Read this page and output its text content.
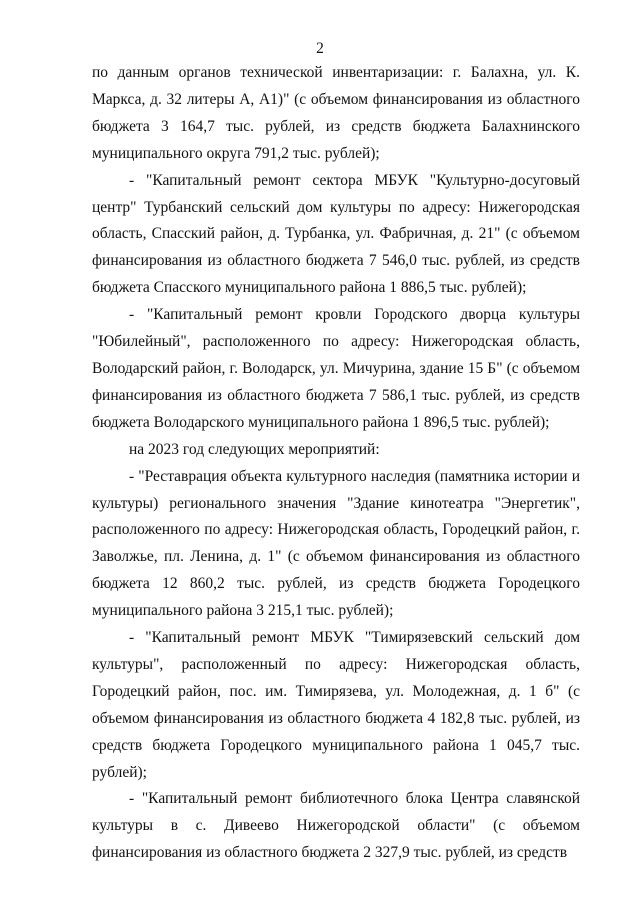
2

по данным органов технической инвентаризации: г. Балахна, ул. К. Маркса, д. 32 литеры А, А1)" (с объемом финансирования из областного бюджета 3 164,7 тыс. рублей, из средств бюджета Балахнинского муниципального округа 791,2 тыс. рублей);

- "Капитальный ремонт сектора МБУК "Культурно-досуговый центр" Турбанский сельский дом культуры по адресу: Нижегородская область, Спасский район, д. Турбанка, ул. Фабричная, д. 21" (с объемом финансирования из областного бюджета 7 546,0 тыс. рублей, из средств бюджета Спасского муниципального района 1 886,5 тыс. рублей);

- "Капитальный ремонт кровли Городского дворца культуры "Юбилейный", расположенного по адресу: Нижегородская область, Володарский район, г. Володарск, ул. Мичурина, здание 15 Б" (с объемом финансирования из областного бюджета 7 586,1 тыс. рублей, из средств бюджета Володарского муниципального района 1 896,5 тыс. рублей);

на 2023 год следующих мероприятий:

- "Реставрация объекта культурного наследия (памятника истории и культуры) регионального значения "Здание кинотеатра "Энергетик", расположенного по адресу: Нижегородская область, Городецкий район, г. Заволжье, пл. Ленина, д. 1" (с объемом финансирования из областного бюджета 12 860,2 тыс. рублей, из средств бюджета Городецкого муниципального района 3 215,1 тыс. рублей);

- "Капитальный ремонт МБУК "Тимирязевский сельский дом культуры", расположенный по адресу: Нижегородская область, Городецкий район, пос. им. Тимирязева, ул. Молодежная, д. 1 б" (с объемом финансирования из областного бюджета 4 182,8 тыс. рублей, из средств бюджета Городецкого муниципального района 1 045,7 тыс. рублей);

- "Капитальный ремонт библиотечного блока Центра славянской культуры в с. Дивеево Нижегородской области" (с объемом финансирования из областного бюджета 2 327,9 тыс. рублей, из средств
